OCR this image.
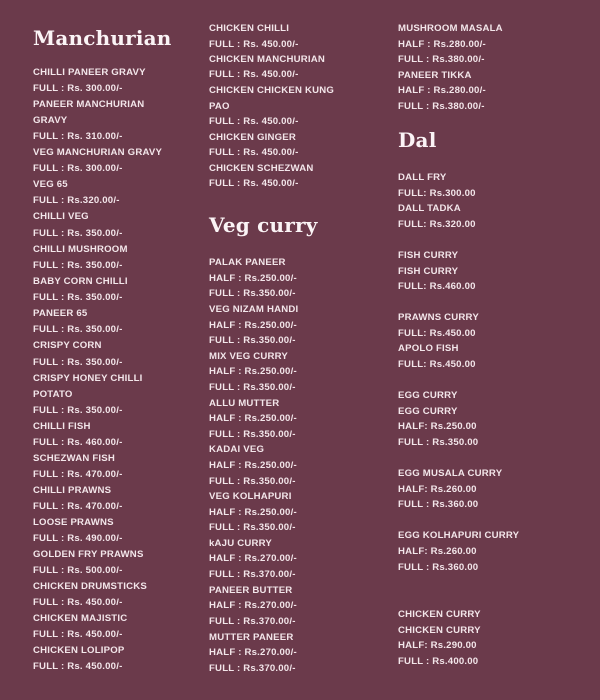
Manchurian
CHILLI PANEER GRAVY
FULL : Rs. 300.00/-
PANEER MANCHURIAN
GRAVY
FULL : Rs. 310.00/-
VEG MANCHURIAN GRAVY
FULL : Rs. 300.00/-
VEG 65
FULL : Rs.320.00/-
CHILLI VEG
FULL : Rs. 350.00/-
CHILLI MUSHROOM
FULL : Rs. 350.00/-
BABY CORN CHILLI
FULL : Rs. 350.00/-
PANEER 65
FULL : Rs. 350.00/-
CRISPY CORN
FULL : Rs. 350.00/-
CRISPY HONEY CHILLI
POTATO
FULL : Rs. 350.00/-
CHILLI FISH
FULL : Rs. 460.00/-
SCHEZWAN FISH
FULL : Rs. 470.00/-
CHILLI PRAWNS
FULL : Rs. 470.00/-
LOOSE PRAWNS
FULL : Rs. 490.00/-
GOLDEN FRY PRAWNS
FULL : Rs. 500.00/-
CHICKEN DRUMSTICKS
FULL : Rs. 450.00/-
CHICKEN MAJISTIC
FULL : Rs. 450.00/-
CHICKEN LOLIPOP
FULL : Rs. 450.00/-
CHICKEN CHILLI
FULL : Rs. 450.00/-
CHICKEN MANCHURIAN
FULL : Rs. 450.00/-
CHICKEN CHICKEN KUNG
PAO
FULL : Rs. 450.00/-
CHICKEN GINGER
FULL : Rs. 450.00/-
CHICKEN SCHEZWAN
FULL : Rs. 450.00/-
Veg curry
PALAK PANEER
HALF : Rs.250.00/-
FULL : Rs.350.00/-
VEG NIZAM HANDI
HALF : Rs.250.00/-
FULL : Rs.350.00/-
MIX VEG CURRY
HALF : Rs.250.00/-
FULL : Rs.350.00/-
ALLU MUTTER
HALF : Rs.250.00/-
FULL : Rs.350.00/-
KADAI VEG
HALF : Rs.250.00/-
FULL : Rs.350.00/-
VEG KOLHAPURI
HALF : Rs.250.00/-
FULL : Rs.350.00/-
kAJU CURRY
HALF : Rs.270.00/-
FULL : Rs.370.00/-
PANEER BUTTER
HALF : Rs.270.00/-
FULL : Rs.370.00/-
MUTTER PANEER
HALF : Rs.270.00/-
FULL : Rs.370.00/-
MUSHROOM MASALA
HALF : Rs.280.00/-
FULL : Rs.380.00/-
PANEER TIKKA
HALF : Rs.280.00/-
FULL : Rs.380.00/-
Dal
DALL FRY
FULL: Rs.300.00
DALL TADKA
FULL: Rs.320.00
FISH CURRY
FISH CURRY
FULL: Rs.460.00
PRAWNS CURRY
FULL: Rs.450.00
APOLO FISH
FULL: Rs.450.00
EGG CURRY
EGG CURRY
HALF: Rs.250.00
FULL : Rs.350.00
EGG MUSALA CURRY
HALF: Rs.260.00
FULL : Rs.360.00
EGG KOLHAPURI CURRY
HALF: Rs.260.00
FULL : Rs.360.00
CHICKEN CURRY
CHICKEN CURRY
HALF: Rs.290.00
FULL : Rs.400.00
